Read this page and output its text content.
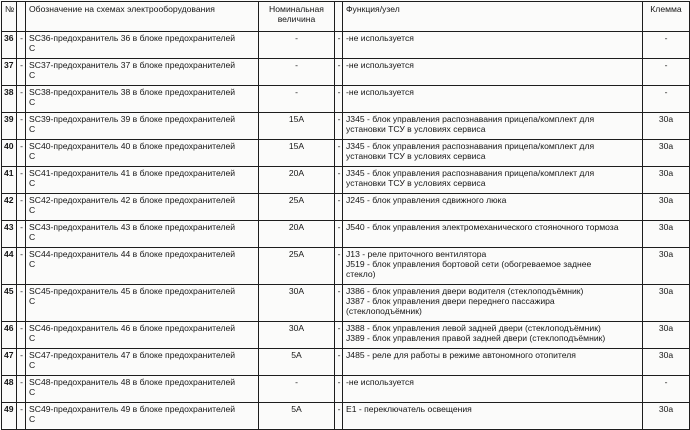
№		Обозначение на схемах электрооборудования	Номинальная
величина		Функция/узел	Клемма
36	-	SC36-предохранитель 36 в блоке предохранителей
С	-	-	-не используется	-
37	-	SC37-предохранитель 37 в блоке предохранителей
С	-	-	-не используется	-
38	-	SC38-предохранитель 38 в блоке предохранителей
С	-	-	-не используется	-
39	-	SC39-предохранитель 39 в блоке предохранителей
С	15А	-	J345 - блок управления распознавания прицепа/комплект для
установки ТСУ в условиях сервиса	30а
40	-	SC40-предохранитель 40 в блоке предохранителей
С	15А	-	J345 - блок управления распознавания прицепа/комплект для
установки ТСУ в условиях сервиса	30а
41	-	SC41-предохранитель 41 в блоке предохранителей
С	20А	-	J345 - блок управления распознавания прицепа/комплект для
установки ТСУ в условиях сервиса	30а
42	-	SC42-предохранитель 42 в блоке предохранителей
С	25А	-	J245 - блок управления сдвижного люка	30а
43	-	SC43-предохранитель 43 в блоке предохранителей
С	20А	-	J540 - блок управления электромеханического стояночного тормоза	30а
44	-	SC44-предохранитель 44 в блоке предохранителей
С	25А	-	J13 - реле приточного вентилятора
J519 - блок управления бортовой сети (обогреваемое заднее
стекло)	30а
45	-	SC45-предохранитель 45 в блоке предохранителей
С	30А	-	J386 - блок управления двери водителя (стеклоподъёмник)
J387 - блок управления двери переднего пассажира
(стеклоподъёмник)	30а
46	-	SC46-предохранитель 46 в блоке предохранителей
С	30А	-	J388 - блок управления левой задней двери (стеклоподъёмник)
J389 - блок управления правой задней двери (стеклоподъёмник)	30а
47	-	SC47-предохранитель 47 в блоке предохранителей
С	5А	-	J485 - реле для работы в режиме автономного отопителя	30а
48	-	SC48-предохранитель 48 в блоке предохранителей
С	-	-	-не используется	-
49	-	SC49-предохранитель 49 в блоке предохранителей
С	5А	-	Е1 - переключатель освещения	30а
